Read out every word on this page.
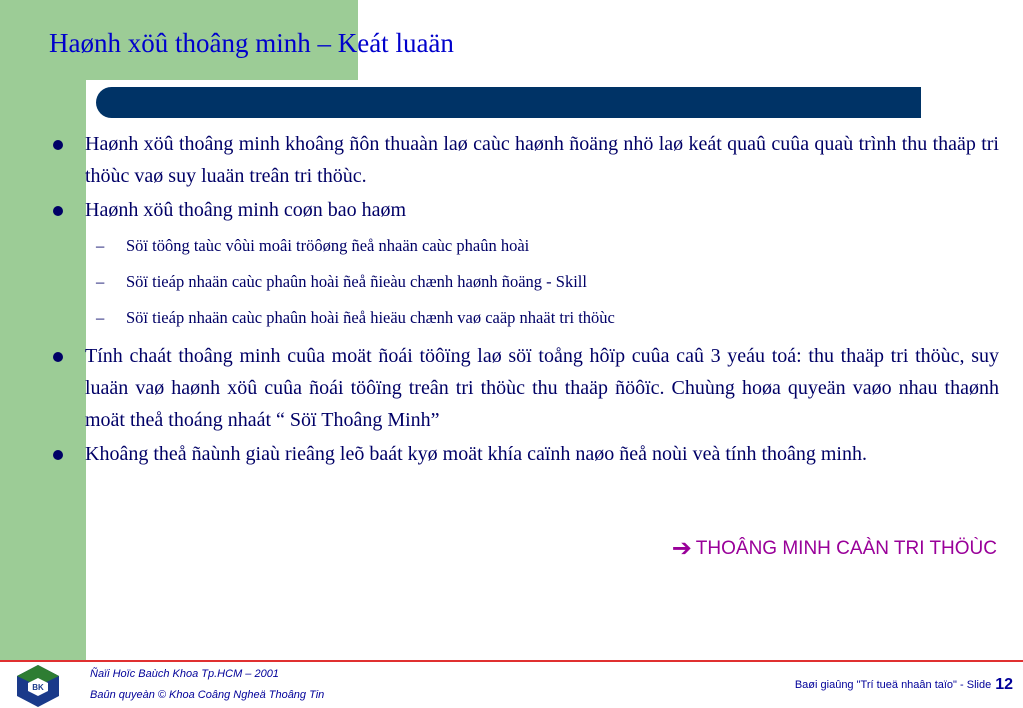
Haønh xöû thoâng minh – Keát luaän
Haønh xöû thoâng minh khoâng ñôn thuaàn laø caùc haønh ñoäng nhö laø keát quaû cuûa quaù trình thu thaäp tri thöùc vaø suy luaän treân tri thöùc.
Haønh xöû thoâng minh coøn bao haøm
– Söï töông taùc vôùi moâi tröôøng ñeå nhaän caùc phaûn hoài
– Söï tieáp nhaän caùc phaûn hoài ñeå ñieàu chænh haønh ñoäng - Skill
– Söï tieáp nhaän caùc phaûn hoài ñeå hieäu chænh vaø caäp nhaät tri thöùc
Tính chaát thoâng minh cuûa moät ñoái töôïng laø söï toång hôïp cuûa caû 3 yeáu toá: thu thaäp tri thöùc, suy luaän vaø haønh xöû cuûa ñoái töôïng treân tri thöùc thu thaäp ñöôïc. Chuùng hoøa quyeän vaøo nhau thaønh moät theå thoáng nhaát “ Söï Thoâng Minh”
Khoâng theå ñaùnh giaù rieâng leõ baát kyø moät khía caïnh naøo ñeå noùi veà tính thoâng minh.
➔ THOÂNG MINH CAÀN TRI THÖÙC
BK
Ñaïi Hoïc Baùch Khoa Tp.HCM – 2001
Baûn quyeàn © Khoa Coâng Ngheä Thoâng Tin
Baøi giaûng "Trí tueä nhaân taïo" - Slide 12
